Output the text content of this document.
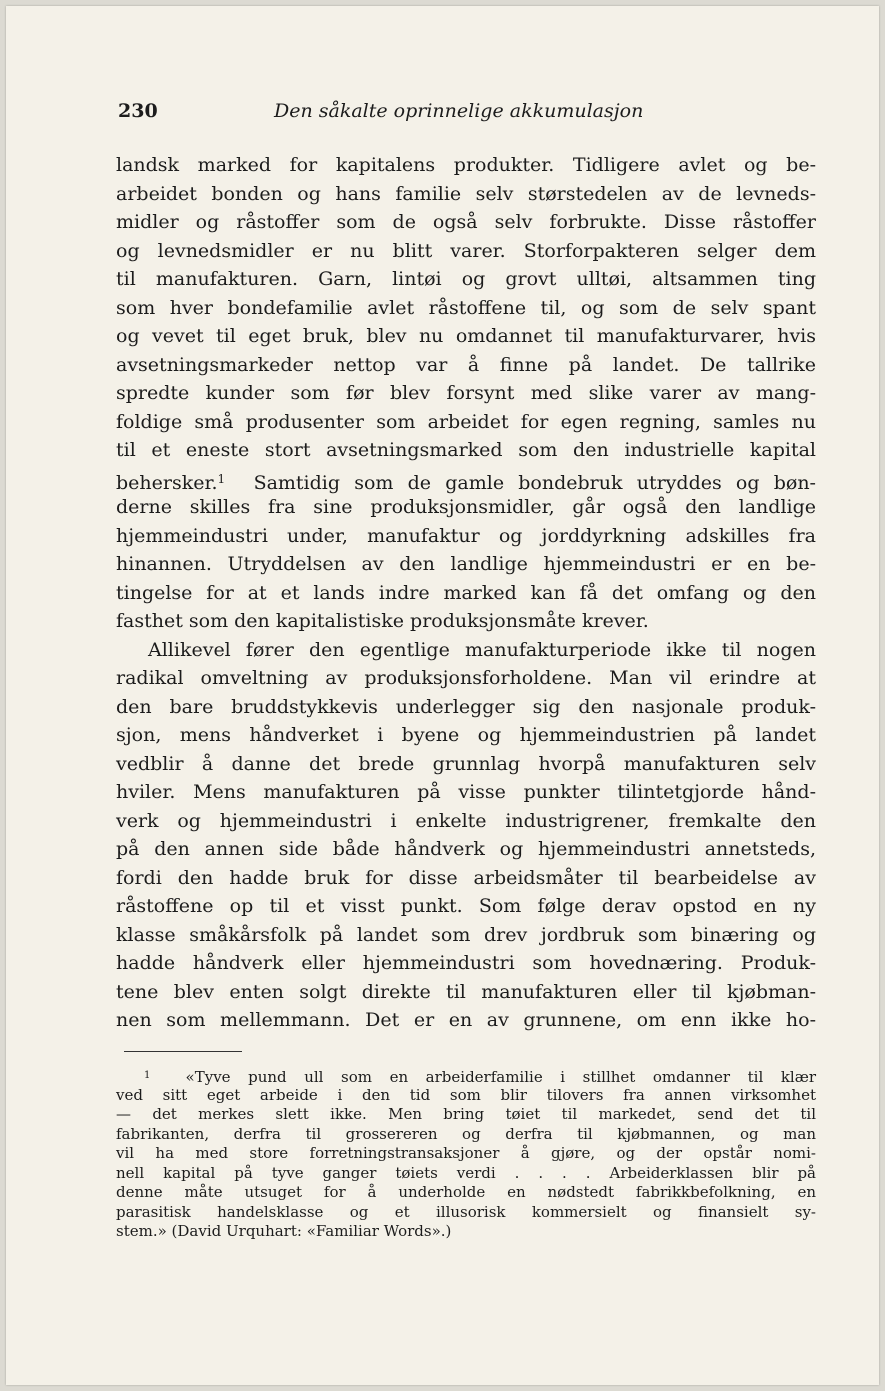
230	Den såkalte oprinnelige akkumulasjon
landsk marked for kapitalens produkter. Tidligere avlet og be-
arbeidet bonden og hans familie selv størstedelen av de levneds-
midler og råstoffer som de også selv forbrukte. Disse råstoffer
og levnedsmidler er nu blitt varer. Storforpakteren selger dem
til manufakturen. Garn, lintøi og grovt ulltøi, altsammen ting
som hver bondefamilie avlet råstoffene til, og som de selv spant
og vevet til eget bruk, blev nu omdannet til manufakturvarer, hvis
avsetningsmarkeder nettop var å finne på landet. De tallrike
spredte kunder som før blev forsynt med slike varer av mang-
foldige små produsenter som arbeidet for egen regning, samles nu
til et eneste stort avsetningsmarked som den industrielle kapital
behersker.$^1$ Samtidig som de gamle bondebruk utryddes og bøn-
derne skilles fra sine produksjonsmidler, går også den landlige
hjemmeindustri under, manufaktur og jorddyrkning adskilles fra
hinannen. Utryddelsen av den landlige hjemmeindustri er en be-
tingelse for at et lands indre marked kan få det omfang og den
fasthet som den kapitalistiske produksjonsmåte krever.
Allikevel fører den egentlige manufakturperiode ikke til nogen
radikal omveltning av produksjonsforholdene. Man vil erindre at
den bare bruddstykkevis underlegger sig den nasjonale produk-
sjon, mens håndverket i byene og hjemmeindustrien på landet
vedblir å danne det brede grunnlag hvorpå manufakturen selv
hviler. Mens manufakturen på visse punkter tilintetgjorde hånd-
verk og hjemmeindustri i enkelte industrigrener, fremkalte den
på den annen side både håndverk og hjemmeindustri annetsteds,
fordi den hadde bruk for disse arbeidsmåter til bearbeidelse av
råstoffene op til et visst punkt. Som følge derav opstod en ny
klasse småkårsfolk på landet som drev jordbruk som binæring og
hadde håndverk eller hjemmeindustri som hovednæring. Produk-
tene blev enten solgt direkte til manufakturen eller til kjøbman-
nen som mellemmann. Det er en av grunnene, om enn ikke ho-
$^1$ «Tyve pund ull som en arbeiderfamilie i stillhet omdanner til klær
ved sitt eget arbeide i den tid som blir tilovers fra annen virksomhet
— det merkes slett ikke. Men bring tøiet til markedet, send det til
fabrikanten, derfra til grossereren og derfra til kjøbmannen, og man
vil ha med store forretningstransaksjoner å gjøre, og der opstår nomi-
nell kapital på tyve ganger tøiets verdi . . . . Arbeiderklassen blir på
denne måte utsuget for å underholde en nødstedt fabrikkbefolkning, en
parasitisk handelsklasse og et illusorisk kommersielt og finansielt sy-
stem.» (David Urquhart: «Familiar Words».)
